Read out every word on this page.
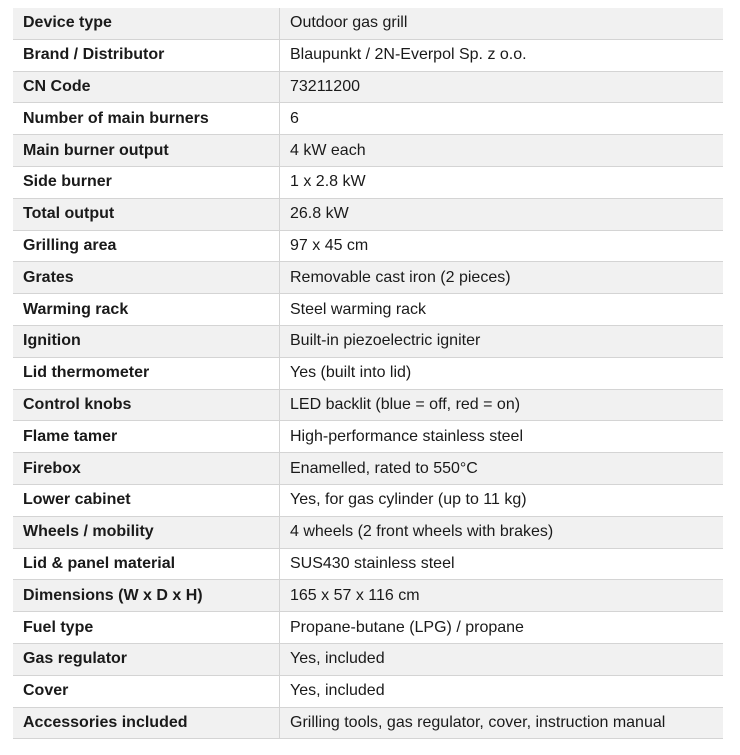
Device type	Outdoor gas grill
Brand / Distributor	Blaupunkt / 2N-Everpol Sp. z o.o.
CN Code	73211200
Number of main burners	6
Main burner output	4 kW each
Side burner	1 x 2.8 kW
Total output	26.8 kW
Grilling area	97 x 45 cm
Grates	Removable cast iron (2 pieces)
Warming rack	Steel warming rack
Ignition	Built-in piezoelectric igniter
Lid thermometer	Yes (built into lid)
Control knobs	LED backlit (blue = off, red = on)
Flame tamer	High-performance stainless steel
Firebox	Enamelled, rated to 550°C
Lower cabinet	Yes, for gas cylinder (up to 11 kg)
Wheels / mobility	4 wheels (2 front wheels with brakes)
Lid & panel material	SUS430 stainless steel
Dimensions (W x D x H)	165 x 57 x 116 cm
Fuel type	Propane-butane (LPG) / propane
Gas regulator	Yes, included
Cover	Yes, included
Accessories included	Grilling tools, gas regulator, cover, instruction manual
